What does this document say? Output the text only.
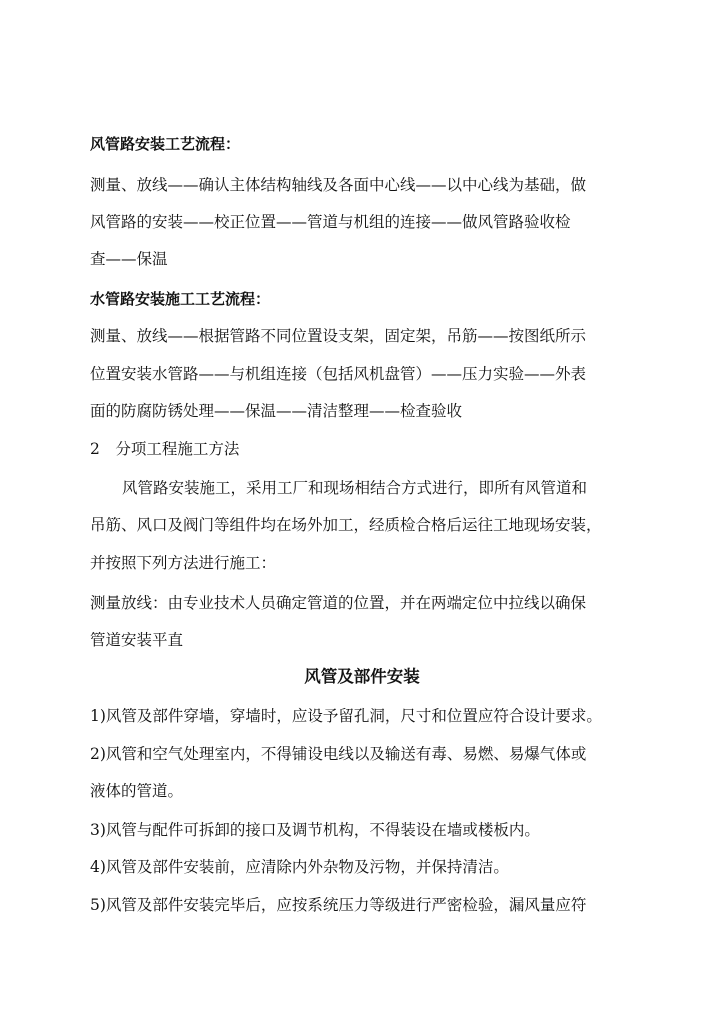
风管路安装工艺流程：
测量、放线——确认主体结构轴线及各面中心线——以中心线为基础，做
风管路的安装——校正位置——管道与机组的连接——做风管路验收检
查——保温
水管路安装施工工艺流程：
测量、放线——根据管路不同位置设支架，固定架，吊筋——按图纸所示
位置安装水管路——与机组连接（包括风机盘管）——压力实验——外表
面的防腐防锈处理——保温——清洁整理——检查验收
2　分项工程施工方法
风管路安装施工，采用工厂和现场相结合方式进行，即所有风管道和
吊筋、风口及阀门等组件均在场外加工，经质检合格后运往工地现场安装，
并按照下列方法进行施工：
测量放线：由专业技术人员确定管道的位置，并在两端定位中拉线以确保
管道安装平直
风管及部件安装
1)风管及部件穿墙，穿墙时，应设予留孔洞，尺寸和位置应符合设计要求。
2)风管和空气处理室内，不得铺设电线以及输送有毒、易燃、易爆气体或
液体的管道。
3)风管与配件可拆卸的接口及调节机构，不得装设在墙或楼板内。
4)风管及部件安装前，应清除内外杂物及污物，并保持清洁。
5)风管及部件安装完毕后，应按系统压力等级进行严密检验，漏风量应符
